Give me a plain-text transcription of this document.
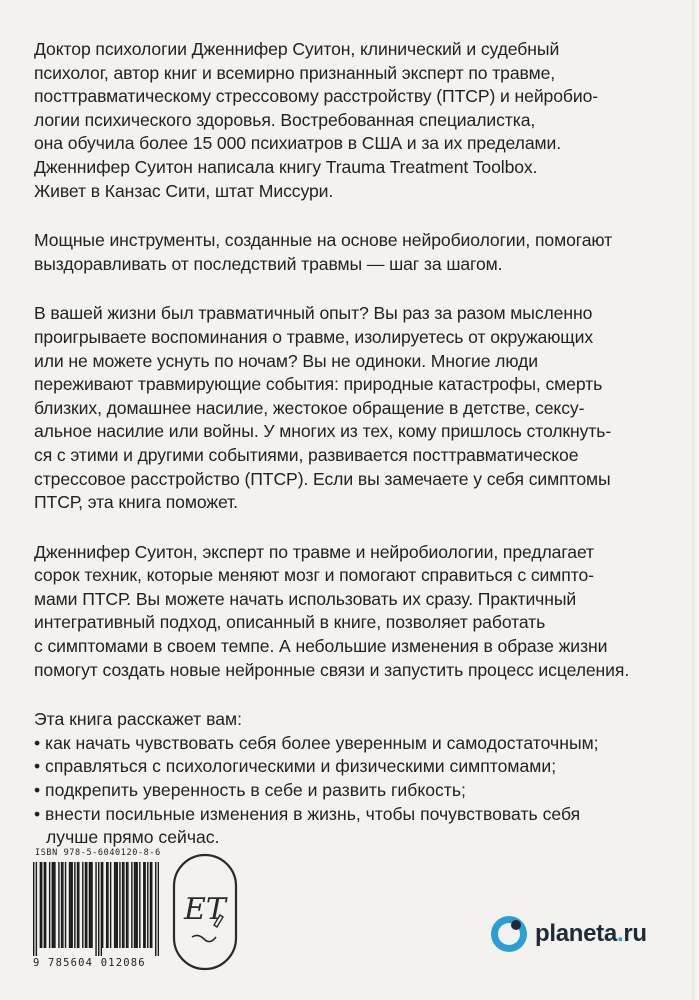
Доктор психологии Дженнифер Суитон, клинический и судебный
психолог, автор книг и всемирно признанный эксперт по травме,
посттравматическому стрессовому расстройству (ПТСР) и нейробио-
логии психического здоровья. Востребованная специалистка,
она обучила более 15 000 психиатров в США и за их пределами.
Дженнифер Суитон написала книгу Trauma Treatment Toolbox.
Живет в Канзас Сити, штат Миссури.

Мощные инструменты, созданные на основе нейробиологии, помогают
выздоравливать от последствий травмы — шаг за шагом.

В вашей жизни был травматичный опыт? Вы раз за разом мысленно
проигрываете воспоминания о травме, изолируетесь от окружающих
или не можете уснуть по ночам? Вы не одиноки. Многие люди
переживают травмирующие события: природные катастрофы, смерть
близких, домашнее насилие, жестокое обращение в детстве, сексу-
альное насилие или войны. У многих из тех, кому пришлось столкнуть-
ся с этими и другими событиями, развивается посттравматическое
стрессовое расстройство (ПТСР). Если вы замечаете у себя симптомы
ПТСР, эта книга поможет.

Дженнифер Суитон, эксперт по травме и нейробиологии, предлагает
сорок техник, которые меняют мозг и помогают справиться с симпто-
мами ПТСР. Вы можете начать использовать их сразу. Практичный
интегративный подход, описанный в книге, позволяет работать
с симптомами в своем темпе. А небольшие изменения в образе жизни
помогут создать новые нейронные связи и запустить процесс исцеления.

Эта книга расскажет вам:

• как начать чувствовать себя более уверенным и самодостаточным;
• справляться с психологическими и физическими симптомами;
• подкрепить уверенность в себе и развить гибкость;
• внести посильные изменения в жизнь, чтобы почувствовать себя
лучше прямо сейчас.
ISBN 978-5-6040120-8-6
9 785604 012086
ET
planeta.ru
